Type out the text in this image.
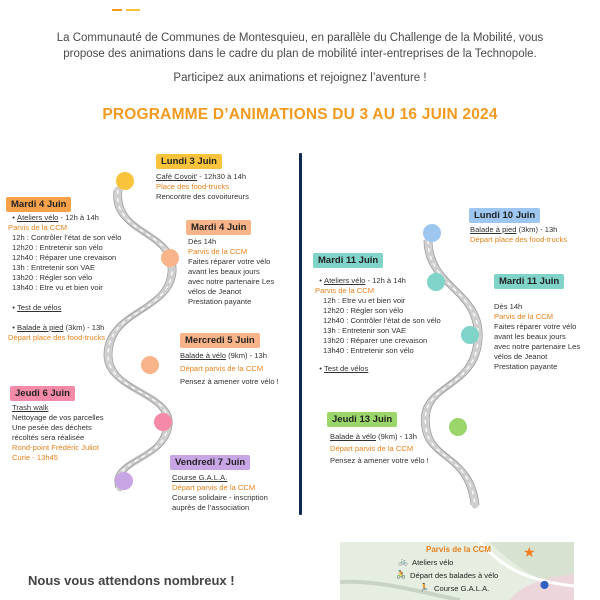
La Communauté de Communes de Montesquieu, en parallèle du Challenge de la Mobilité, vous
propose des animations dans le cadre du plan de mobilité inter-entreprises de la Technopole.
Participez aux animations et rejoignez l’aventure !
PROGRAMME D’ANIMATIONS DU 3 AU 16 JUIN 2024
Lundi 3 Juin
Café Covoit' - 12h30 à 14h
Place des food-trucks
Rencontre des covoitureurs
Mardi 4 Juin
• Ateliers vélo - 12h à 14h
Parvis de la CCM
12h : Contrôler l’état de son vélo
12h20 : Entretenir son vélo
12h40 : Réparer une crevaison
13h : Entretenir son VAE
13h20 : Régler son vélo
13h40 : Etre vu et bien voir
• Test de vélos
• Balade à pied (3km) - 13h
Départ place des food-trucks
Mardi 4 Juin
Dès 14h
Parvis de la CCM
Faites réparer votre vélo
avant les beaux jours
avec notre partenaire Les
vélos de Jeanot
Prestation payante
Mercredi 5 Juin
Balade à vélo (9km) - 13h
Départ parvis de la CCM
Pensez à amener votre vélo !
Jeudi 6 Juin
Trash walk
Nettoyage de vos parcelles
Une pesée des déchets
récoltés sera réalisée
Rond-point Frédéric Juliot
Curie - 13h45	Vendredi 7 Juin
Course G.A.L.A.
Départ parvis de la CCM
Course solidaire - inscription
auprès de l’association
Lundi 10 Juin
Balade à pied (3km) - 13h
Départ place des food-trucks
Mardi 11 Juin
• Ateliers vélo - 12h à 14h
Parvis de la CCM
12h : Etre vu et bien voir
12h20 : Régler son vélo
12h40 : Contrôler l’état de son vélo
13h : Entretenir son VAE
13h20 : Réparer une crevaison
13h40 : Entretenir son vélo
• Test de vélos
Mardi 11 Juin
Dès 14h
Parvis de la CCM
Faites réparer votre vélo
avant les beaux jours
avec notre partenaire Les
vélos de Jeanot
Prestation payante
Jeudi 13 Juin
Balade à vélo (9km) - 13h
Départ parvis de la CCM
Pensez à amener votre vélo !
Nous vous attendons nombreux !
Parvis de la CCM ★
🚲 Ateliers vélo
🚴 Départ des balades à vélo
🏃 Course G.A.L.A.	⬤
